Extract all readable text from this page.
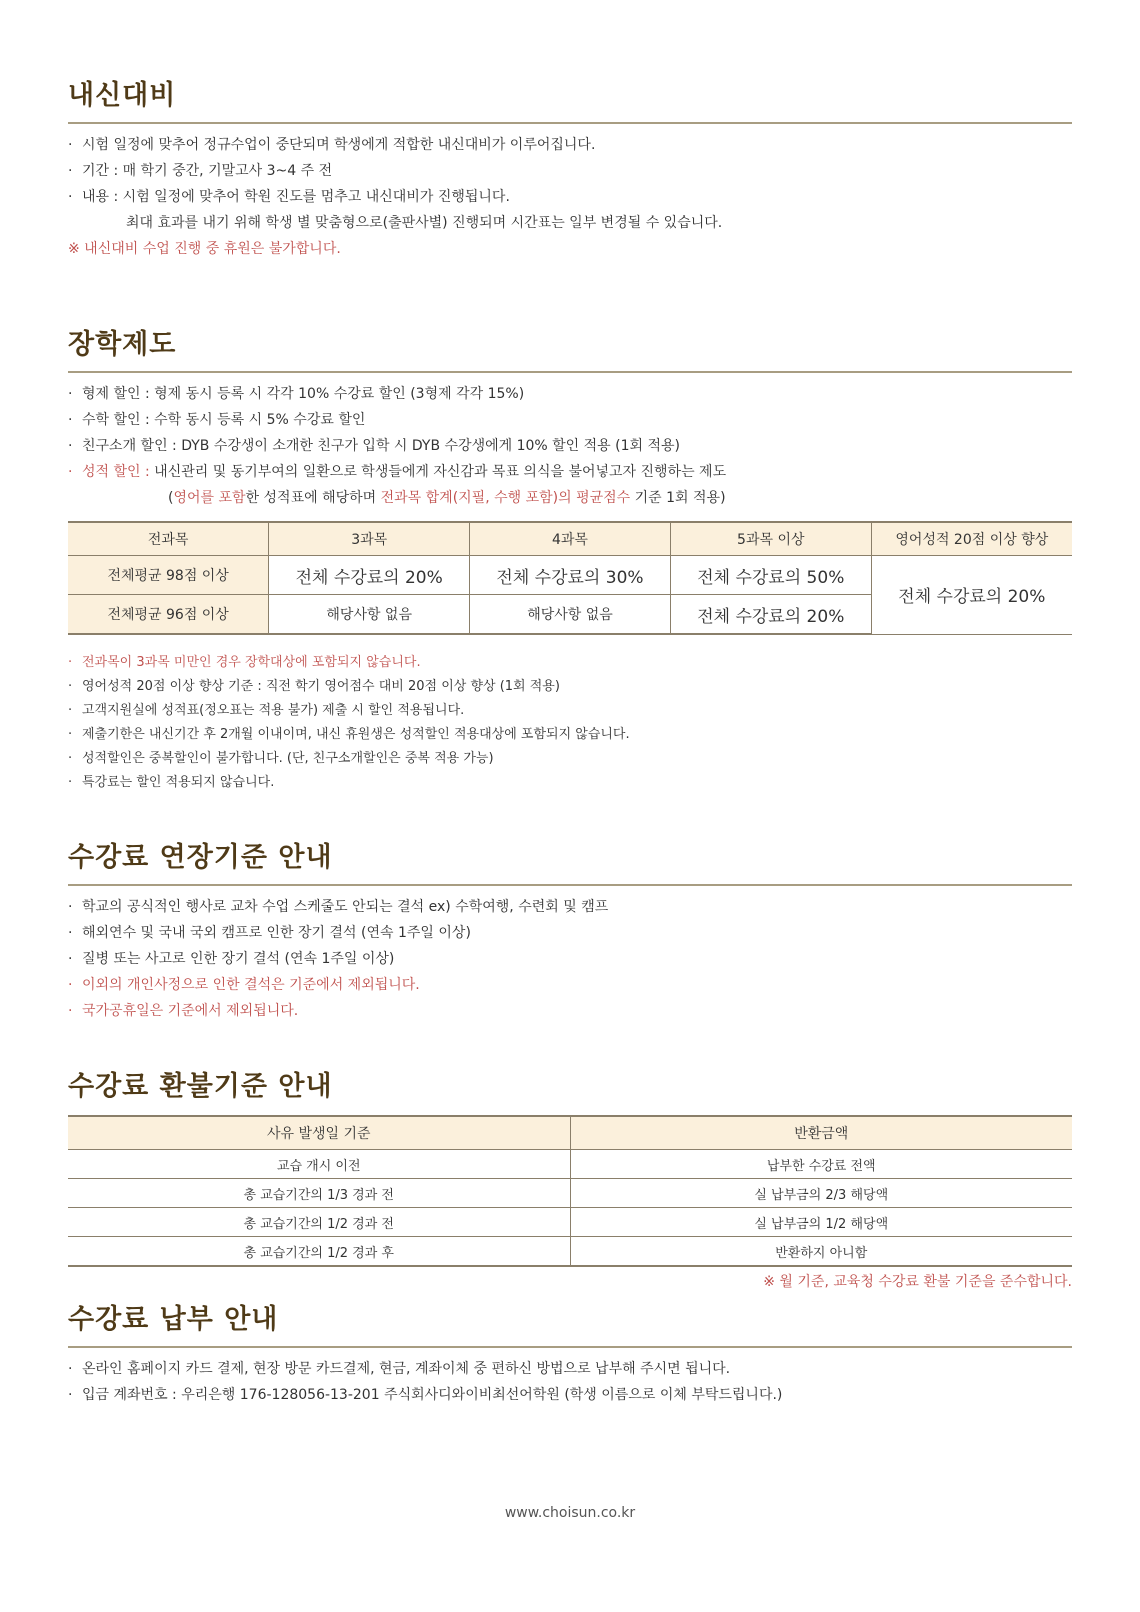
내신대비
· 시험 일정에 맞추어 정규수업이 중단되며 학생에게 적합한 내신대비가 이루어집니다.
· 기간 : 매 학기 중간, 기말고사 3~4 주 전
· 내용 : 시험 일정에 맞추어 학원 진도를 멈추고 내신대비가 진행됩니다.
최대 효과를 내기 위해 학생 별 맞춤형으로(출판사별) 진행되며 시간표는 일부 변경될 수 있습니다.
※ 내신대비 수업 진행 중 휴원은 불가합니다.
장학제도
· 형제 할인 : 형제 동시 등록 시 각각 10% 수강료 할인 (3형제 각각 15%)
· 수학 할인 : 수학 동시 등록 시 5% 수강료 할인
· 친구소개 할인 : DYB 수강생이 소개한 친구가 입학 시 DYB 수강생에게 10% 할인 적용 (1회 적용)
· 성적 할인 : 내신관리 및 동기부여의 일환으로 학생들에게 자신감과 목표 의식을 불어넣고자 진행하는 제도
(영어를 포함한 성적표에 해당하며 전과목 합계(지필, 수행 포함)의 평균점수 기준 1회 적용)
전과목	3과목	4과목	5과목 이상	영어성적 20점 이상 향상
전체평균 98점 이상	전체 수강료의 20%	전체 수강료의 30%	전체 수강료의 50%	전체 수강료의 20%
전체평균 96점 이상	해당사항 없음	해당사항 없음	전체 수강료의 20%	
· 전과목이 3과목 미만인 경우 장학대상에 포함되지 않습니다.
· 영어성적 20점 이상 향상 기준 : 직전 학기 영어점수 대비 20점 이상 향상 (1회 적용)
· 고객지원실에 성적표(정오표는 적용 불가) 제출 시 할인 적용됩니다.
· 제출기한은 내신기간 후 2개월 이내이며, 내신 휴원생은 성적할인 적용대상에 포함되지 않습니다.
· 성적할인은 중복할인이 불가합니다. (단, 친구소개할인은 중복 적용 가능)
· 특강료는 할인 적용되지 않습니다.
수강료 연장기준 안내
· 학교의 공식적인 행사로 교차 수업 스케줄도 안되는 결석 ex) 수학여행, 수련회 및 캠프
· 해외연수 및 국내 국외 캠프로 인한 장기 결석 (연속 1주일 이상)
· 질병 또는 사고로 인한 장기 결석 (연속 1주일 이상)
· 이외의 개인사정으로 인한 결석은 기준에서 제외됩니다.
· 국가공휴일은 기준에서 제외됩니다.
수강료 환불기준 안내
사유 발생일 기준	반환금액
교습 개시 이전	납부한 수강료 전액
총 교습기간의 1/3 경과 전	실 납부금의 2/3 해당액
총 교습기간의 1/2 경과 전	실 납부금의 1/2 해당액
총 교습기간의 1/2 경과 후	반환하지 아니함
※ 월 기준, 교육청 수강료 환불 기준을 준수합니다.
수강료 납부 안내
· 온라인 홈페이지 카드 결제, 현장 방문 카드결제, 현금, 계좌이체 중 편하신 방법으로 납부해 주시면 됩니다.
· 입금 계좌번호 : 우리은행 176-128056-13-201 주식회사디와이비최선어학원 (학생 이름으로 이체 부탁드립니다.)
www.choisun.co.kr
